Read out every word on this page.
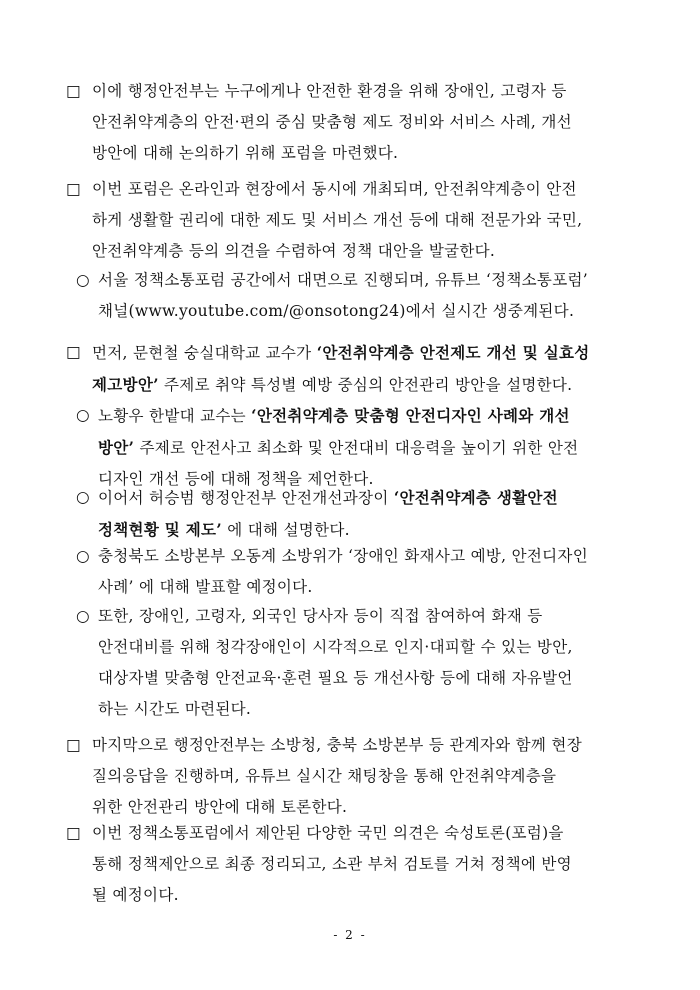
□ 이에 행정안전부는 누구에게나 안전한 환경을 위해 장애인, 고령자 등
안전취약계층의 안전·편의 중심 맞춤형 제도 정비와 서비스 사례, 개선
방안에 대해 논의하기 위해 포럼을 마련했다.
□ 이번 포럼은 온라인과 현장에서 동시에 개최되며, 안전취약계층이 안전
하게 생활할 권리에 대한 제도 및 서비스 개선 등에 대해 전문가와 국민,
안전취약계층 등의 의견을 수렴하여 정책 대안을 발굴한다.
○ 서울 정책소통포럼 공간에서 대면으로 진행되며, 유튜브 ‘정책소통포럼’
채널(www.youtube.com/@onsotong24)에서 실시간 생중계된다.
□ 먼저, 문현철 숭실대학교 교수가 ‘안전취약계층 안전제도 개선 및 실효성
제고방안’ 주제로 취약 특성별 예방 중심의 안전관리 방안을 설명한다.
○ 노황우 한밭대 교수는 ‘안전취약계층 맞춤형 안전디자인 사례와 개선
방안’ 주제로 안전사고 최소화 및 안전대비 대응력을 높이기 위한 안전
디자인 개선 등에 대해 정책을 제언한다.
○ 이어서 허승범 행정안전부 안전개선과장이 ‘안전취약계층 생활안전
정책현황 및 제도’ 에 대해 설명한다.
○ 충청북도 소방본부 오동계 소방위가 ‘장애인 화재사고 예방, 안전디자인
사례’ 에 대해 발표할 예정이다.
○ 또한, 장애인, 고령자, 외국인 당사자 등이 직접 참여하여 화재 등
안전대비를 위해 청각장애인이 시각적으로 인지·대피할 수 있는 방안,
대상자별 맞춤형 안전교육·훈련 필요 등 개선사항 등에 대해 자유발언
하는 시간도 마련된다.
□ 마지막으로 행정안전부는 소방청, 충북 소방본부 등 관계자와 함께 현장
질의응답을 진행하며, 유튜브 실시간 채팅창을 통해 안전취약계층을
위한 안전관리 방안에 대해 토론한다.
□ 이번 정책소통포럼에서 제안된 다양한 국민 의견은 숙성토론(포럼)을
통해 정책제안으로 최종 정리되고, 소관 부처 검토를 거쳐 정책에 반영
될 예정이다.
- 2 -
